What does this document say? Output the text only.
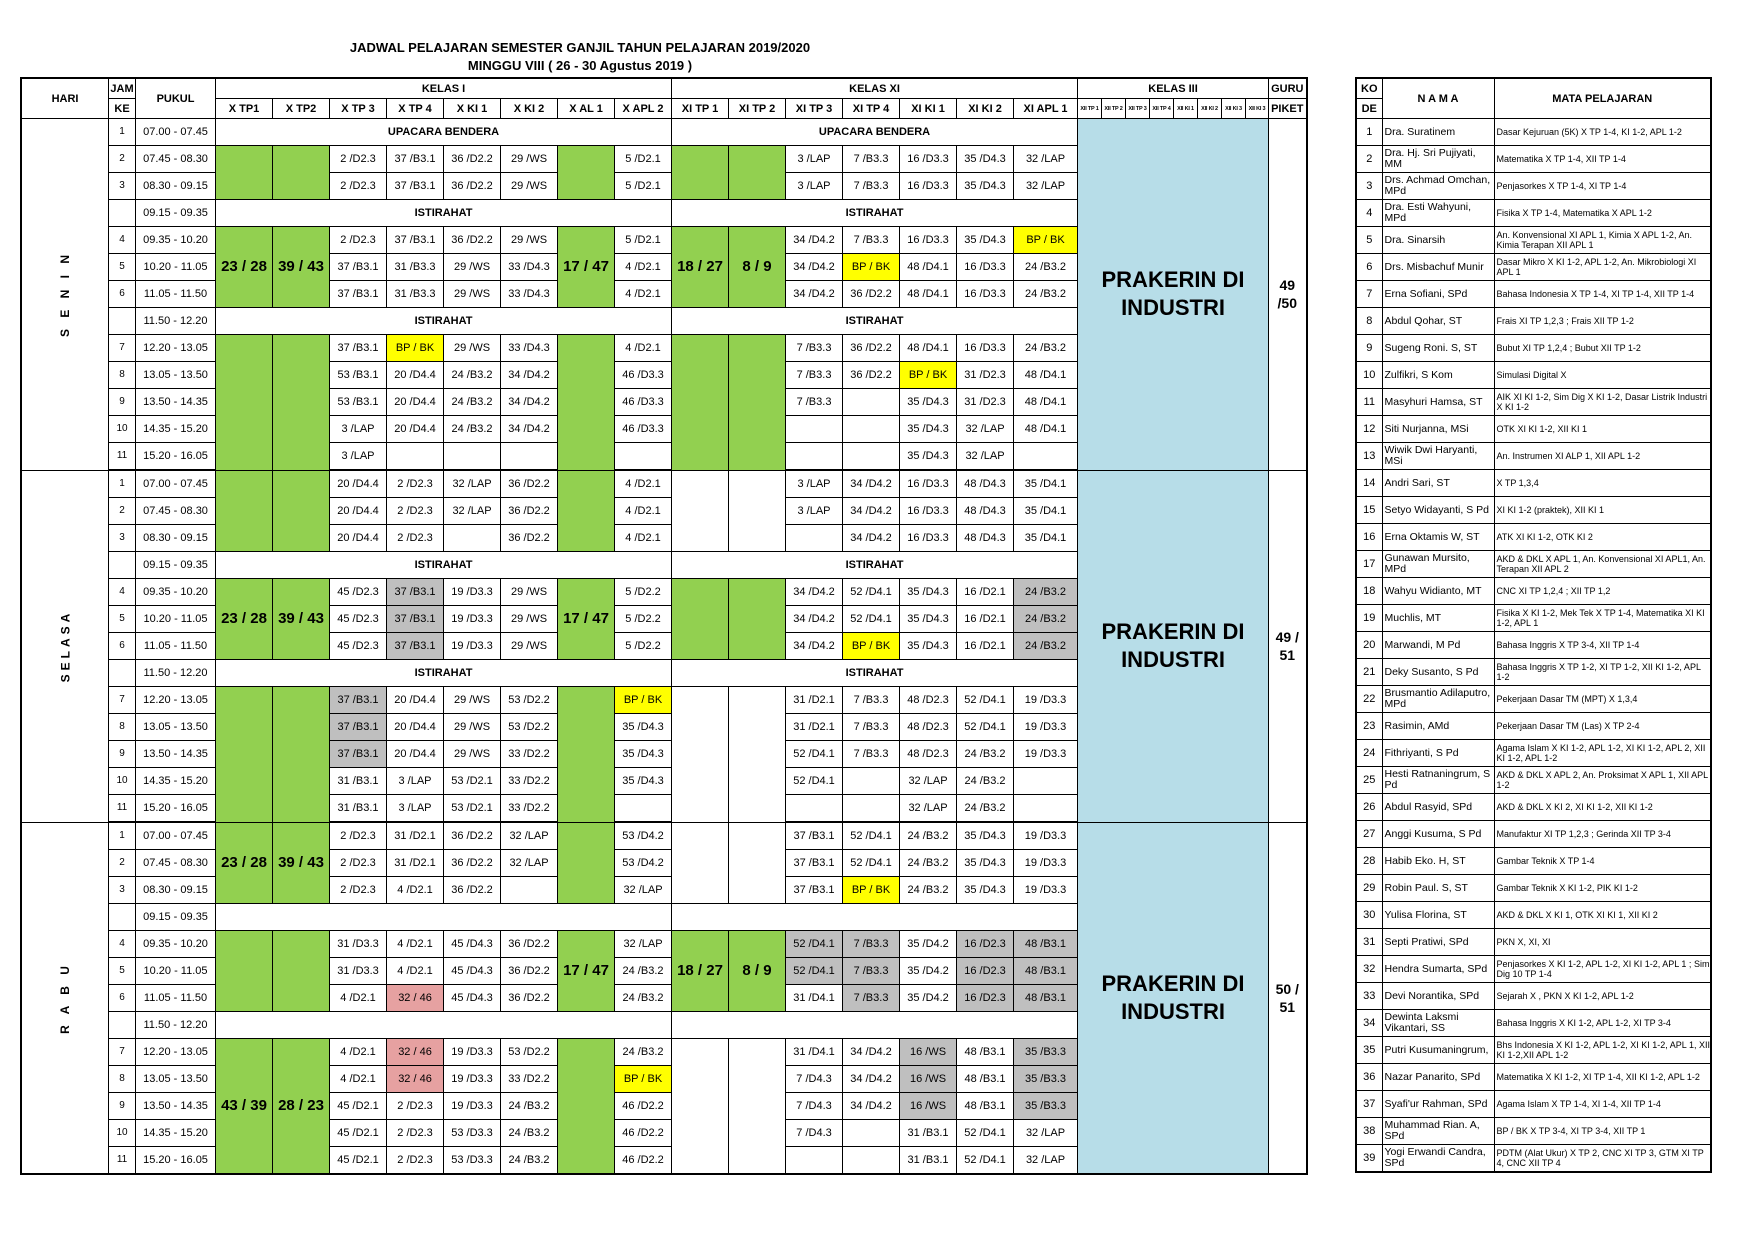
JADWAL PELAJARAN SEMESTER GANJIL TAHUN PELAJARAN 2019/2020
MINGGU VIII ( 26 - 30 Agustus 2019 )
HARI	JAM	PUKUL	KELAS I								KELAS XI							KELAS III								GURU
	KE		X TP1	X TP2	X TP 3	X TP 4	X KI 1	X KI 2	X AL 1	X APL 2	XI TP 1	XI TP 2	XI TP 3	XI TP 4	XI KI 1	XI KI 2	XI APL 1	XII TP 1	XII TP 2	XII TP 3	XII TP 4	XII KI 1	XII KI 2	XII KI 3	XII KI 3	PIKET
S E N I N	1	07.00 - 07.45	UPACARA BENDERA								UPACARA BENDERA							PRAKERIN DI INDUSTRI								49 /50
	2	07.45 - 08.30			2 /D2.3	37 /B3.1	36 /D2.2	29 /WS		5 /D2.1			3 /LAP	7 /B3.3	16 /D3.3	35 /D4.3	32 /LAP									
	3	08.30 - 09.15			2 /D2.3	37 /B3.1	36 /D2.2	29 /WS		5 /D2.1			3 /LAP	7 /B3.3	16 /D3.3	35 /D4.3	32 /LAP									
		09.15 - 09.35	ISTIRAHAT								ISTIRAHAT															
	4	09.35 - 10.20	23 / 28	39 / 43	2 /D2.3	37 /B3.1	36 /D2.2	29 /WS	17 / 47	5 /D2.1	18 / 27	8 / 9	34 /D4.2	7 /B3.3	16 /D3.3	35 /D4.3	BP / BK									
	5	10.20 - 11.05			37 /B3.1	31 /B3.3	29 /WS	33 /D4.3		4 /D2.1			34 /D4.2	BP / BK	48 /D4.1	16 /D3.3	24 /B3.2									
	6	11.05 - 11.50			37 /B3.1	31 /B3.3	29 /WS	33 /D4.3		4 /D2.1			34 /D4.2	36 /D2.2	48 /D4.1	16 /D3.3	24 /B3.2									
		11.50 - 12.20	ISTIRAHAT								ISTIRAHAT															
	7	12.20 - 13.05			37 /B3.1	BP / BK	29 /WS	33 /D4.3		4 /D2.1			7 /B3.3	36 /D2.2	48 /D4.1	16 /D3.3	24 /B3.2									
	8	13.05 - 13.50			53 /B3.1	20 /D4.4	24 /B3.2	34 /D4.2		46 /D3.3			7 /B3.3	36 /D2.2	BP / BK	31 /D2.3	48 /D4.1									
	9	13.50 - 14.35			53 /B3.1	20 /D4.4	24 /B3.2	34 /D4.2		46 /D3.3			7 /B3.3		35 /D4.3	31 /D2.3	48 /D4.1									
	10	14.35 - 15.20			3 /LAP	20 /D4.4	24 /B3.2	34 /D4.2		46 /D3.3					35 /D4.3	32 /LAP	48 /D4.1									
	11	15.20 - 16.05			3 /LAP										35 /D4.3	32 /LAP										
SELASA	1	07.00 - 07.45			20 /D4.4	2 /D2.3	32 /LAP	36 /D2.2		4 /D2.1			3 /LAP	34 /D4.2	16 /D3.3	48 /D4.3	35 /D4.1	PRAKERIN DI INDUSTRI								49 / 51
	2	07.45 - 08.30			20 /D4.4	2 /D2.3	32 /LAP	36 /D2.2		4 /D2.1			3 /LAP	34 /D4.2	16 /D3.3	48 /D4.3	35 /D4.1									
	3	08.30 - 09.15			20 /D4.4	2 /D2.3		36 /D2.2		4 /D2.1				34 /D4.2	16 /D3.3	48 /D4.3	35 /D4.1									
		09.15 - 09.35	ISTIRAHAT								ISTIRAHAT															
	4	09.35 - 10.20	23 / 28	39 / 43	45 /D2.3	37 /B3.1	19 /D3.3	29 /WS	17 / 47	5 /D2.2			34 /D4.2	52 /D4.1	35 /D4.3	16 /D2.1	24 /B3.2									
	5	10.20 - 11.05			45 /D2.3	37 /B3.1	19 /D3.3	29 /WS		5 /D2.2			34 /D4.2	52 /D4.1	35 /D4.3	16 /D2.1	24 /B3.2									
	6	11.05 - 11.50			45 /D2.3	37 /B3.1	19 /D3.3	29 /WS		5 /D2.2			34 /D4.2	BP / BK	35 /D4.3	16 /D2.1	24 /B3.2									
		11.50 - 12.20	ISTIRAHAT								ISTIRAHAT															
	7	12.20 - 13.05			37 /B3.1	20 /D4.4	29 /WS	53 /D2.2		BP / BK			31 /D2.1	7 /B3.3	48 /D2.3	52 /D4.1	19 /D3.3									
	8	13.05 - 13.50			37 /B3.1	20 /D4.4	29 /WS	53 /D2.2		35 /D4.3			31 /D2.1	7 /B3.3	48 /D2.3	52 /D4.1	19 /D3.3									
	9	13.50 - 14.35			37 /B3.1	20 /D4.4	29 /WS	33 /D2.2		35 /D4.3			52 /D4.1	7 /B3.3	48 /D2.3	24 /B3.2	19 /D3.3									
	10	14.35 - 15.20			31 /B3.1	3 /LAP	53 /D2.1	33 /D2.2		35 /D4.3			52 /D4.1		32 /LAP	24 /B3.2										
	11	15.20 - 16.05			31 /B3.1	3 /LAP	53 /D2.1	33 /D2.2							32 /LAP	24 /B3.2										
R A B U	1	07.00 - 07.45	23 / 28	39 / 43	2 /D2.3	31 /D2.1	36 /D2.2	32 /LAP		53 /D4.2			37 /B3.1	52 /D4.1	24 /B3.2	35 /D4.3	19 /D3.3	PRAKERIN DI INDUSTRI								50 / 51
	2	07.45 - 08.30			2 /D2.3	31 /D2.1	36 /D2.2	32 /LAP		53 /D4.2			37 /B3.1	52 /D4.1	24 /B3.2	35 /D4.3	19 /D3.3									
	3	08.30 - 09.15			2 /D2.3	4 /D2.1	36 /D2.2			32 /LAP			37 /B3.1	BP / BK	24 /B3.2	35 /D4.3	19 /D3.3									
		09.15 - 09.35																								
	4	09.35 - 10.20			31 /D3.3	4 /D2.1	45 /D4.3	36 /D2.2	17 / 47	32 /LAP	18 / 27	8 / 9	52 /D4.1	7 /B3.3	35 /D4.2	16 /D2.3	48 /B3.1									
	5	10.20 - 11.05			31 /D3.3	4 /D2.1	45 /D4.3	36 /D2.2		24 /B3.2			52 /D4.1	7 /B3.3	35 /D4.2	16 /D2.3	48 /B3.1									
	6	11.05 - 11.50			4 /D2.1	32 / 46	45 /D4.3	36 /D2.2		24 /B3.2			31 /D4.1	7 /B3.3	35 /D4.2	16 /D2.3	48 /B3.1									
		11.50 - 12.20																								
	7	12.20 - 13.05	43 / 39	28 / 23	4 /D2.1	32 / 46	19 /D3.3	53 /D2.2		24 /B3.2			31 /D4.1	34 /D4.2	16 /WS	48 /B3.1	35 /B3.3									
	8	13.05 - 13.50			4 /D2.1	32 / 46	19 /D3.3	33 /D2.2		BP / BK			7 /D4.3	34 /D4.2	16 /WS	48 /B3.1	35 /B3.3									
	9	13.50 - 14.35			45 /D2.1	2 /D2.3	19 /D3.3	24 /B3.2		46 /D2.2			7 /D4.3	34 /D4.2	16 /WS	48 /B3.1	35 /B3.3									
	10	14.35 - 15.20			45 /D2.1	2 /D2.3	53 /D3.3	24 /B3.2		46 /D2.2			7 /D4.3		31 /B3.1	52 /D4.1	32 /LAP									
	11	15.20 - 16.05			45 /D2.1	2 /D2.3	53 /D3.3	24 /B3.2		46 /D2.2					31 /B3.1	52 /D4.1	32 /LAP									
KO	N A M A	MATA PELAJARAN
DE		
1	Dra. Suratinem	Dasar Kejuruan (5K) X TP 1-4, KI 1-2, APL 1-2
2	Dra. Hj. Sri Pujiyati, MM	Matematika X TP 1-4, XII TP 1-4
3	Drs. Achmad Omchan, MPd	Penjasorkes X TP 1-4, XI TP 1-4
4	Dra. Esti Wahyuni, MPd	Fisika X TP 1-4, Matematika X APL 1-2
5	Dra. Sinarsih	An. Konvensional XI APL 1, Kimia X APL 1-2, An. Kimia Terapan XII APL 1
6	Drs. Misbachuf Munir	Dasar Mikro X KI 1-2, APL 1-2, An. Mikrobiologi XI APL 1
7	Erna Sofiani, SPd	Bahasa Indonesia X TP 1-4, XI TP 1-4, XII TP 1-4
8	Abdul Qohar, ST	Frais XI TP 1,2,3 ; Frais XII TP 1-2
9	Sugeng Roni. S, ST	Bubut XI TP 1,2,4 ; Bubut XII TP 1-2
10	Zulfikri, S Kom	Simulasi Digital X
11	Masyhuri Hamsa, ST	AIK XI KI 1-2, Sim Dig X KI 1-2, Dasar Listrik Industri X KI 1-2
12	Siti Nurjanna, MSi	OTK XI KI 1-2, XII KI 1
13	Wiwik Dwi Haryanti, MSi	An. Instrumen XI ALP 1, XII APL 1-2
14	Andri Sari, ST	X TP 1,3,4
15	Setyo Widayanti, S Pd	XI KI 1-2 (praktek), XII KI 1
16	Erna Oktamis W, ST	ATK XI KI 1-2, OTK KI 2
17	Gunawan Mursito, MPd	AKD & DKL X APL 1, An. Konvensional XI APL1, An. Terapan XII APL 2
18	Wahyu Widianto, MT	CNC XI TP 1,2,4 ; XII TP 1,2
19	Muchlis, MT	Fisika X KI 1-2, Mek Tek X TP 1-4, Matematika XI KI 1-2, APL 1
20	Marwandi, M Pd	Bahasa Inggris X TP 3-4, XII TP 1-4
21	Deky Susanto, S Pd	Bahasa Inggris X TP 1-2, XI TP 1-2, XII KI 1-2, APL 1-2
22	Brusmantio Adilaputro, MPd	Pekerjaan Dasar TM (MPT) X 1,3,4
23	Rasimin, AMd	Pekerjaan Dasar TM (Las) X TP 2-4
24	Fithriyanti, S Pd	Agama Islam X KI 1-2, APL 1-2, XI KI 1-2, APL 2, XII KI 1-2, APL 1-2
25	Hesti Ratnaningrum, S Pd	AKD & DKL X APL 2, An. Proksimat X APL 1, XII APL 1-2
26	Abdul Rasyid, SPd	AKD & DKL X KI 2, XI KI 1-2, XII KI 1-2
27	Anggi Kusuma, S Pd	Manufaktur XI TP 1,2,3 ; Gerinda XII TP 3-4
28	Habib Eko. H, ST	Gambar Teknik X TP 1-4
29	Robin Paul. S, ST	Gambar Teknik X KI 1-2, PIK KI 1-2
30	Yulisa Florina, ST	AKD & DKL X KI 1, OTK XI KI 1, XII KI 2
31	Septi Pratiwi, SPd	PKN X, XI, XI
32	Hendra Sumarta, SPd	Penjasorkes X KI 1-2, APL 1-2, XI KI 1-2, APL 1 ; Sim Dig 10 TP 1-4
33	Devi Norantika, SPd	Sejarah X , PKN X KI 1-2, APL 1-2
34	Dewinta Laksmi Vikantari, SS	Bahasa Inggris X KI 1-2, APL 1-2, XI TP 3-4
35	Putri Kusumaningrum,	Bhs Indonesia X KI 1-2, APL 1-2, XI KI 1-2, APL 1, XII KI 1-2,XII APL 1-2
36	Nazar Panarito, SPd	Matematika X KI 1-2, XI TP 1-4, XII KI 1-2, APL 1-2
37	Syafi'ur Rahman, SPd	Agama Islam X TP 1-4, XI 1-4, XII TP 1-4
38	Muhammad Rian. A, SPd	BP / BK X TP 3-4, XI TP 3-4, XII TP 1
39	Yogi Erwandi Candra, SPd	PDTM (Alat Ukur) X TP 2, CNC XI TP 3, GTM XI TP 4, CNC XII TP 4
